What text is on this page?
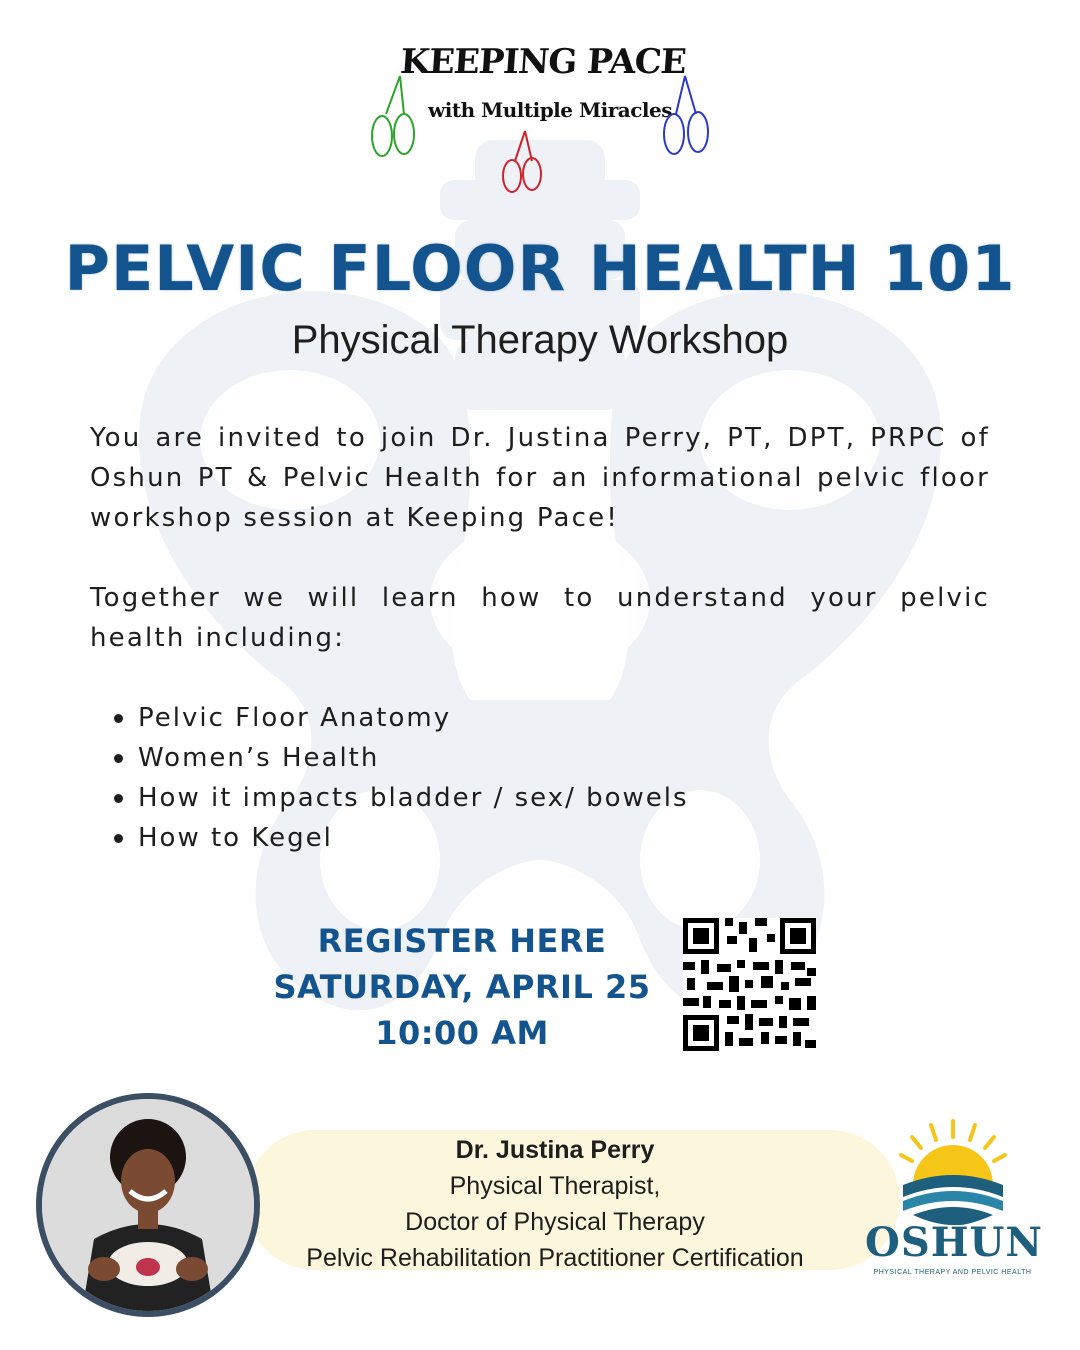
KEEPING PACE
with Multiple Miracles
PELVIC FLOOR HEALTH 101
Physical Therapy Workshop
You are invited to join Dr. Justina Perry, PT, DPT, PRPC of Oshun PT & Pelvic Health for an informational pelvic floor workshop session at Keeping Pace!
Together we will learn how to understand your pelvic health including:
Pelvic Floor Anatomy
Women’s Health
How it impacts bladder / sex/ bowels
How to Kegel
REGISTER HERE
SATURDAY, APRIL 25
10:00 AM
Dr. Justina Perry
Physical Therapist,
Doctor of Physical Therapy
Pelvic Rehabilitation Practitioner Certification	OSHUN
PHYSICAL THERAPY AND PELVIC HEALTH
